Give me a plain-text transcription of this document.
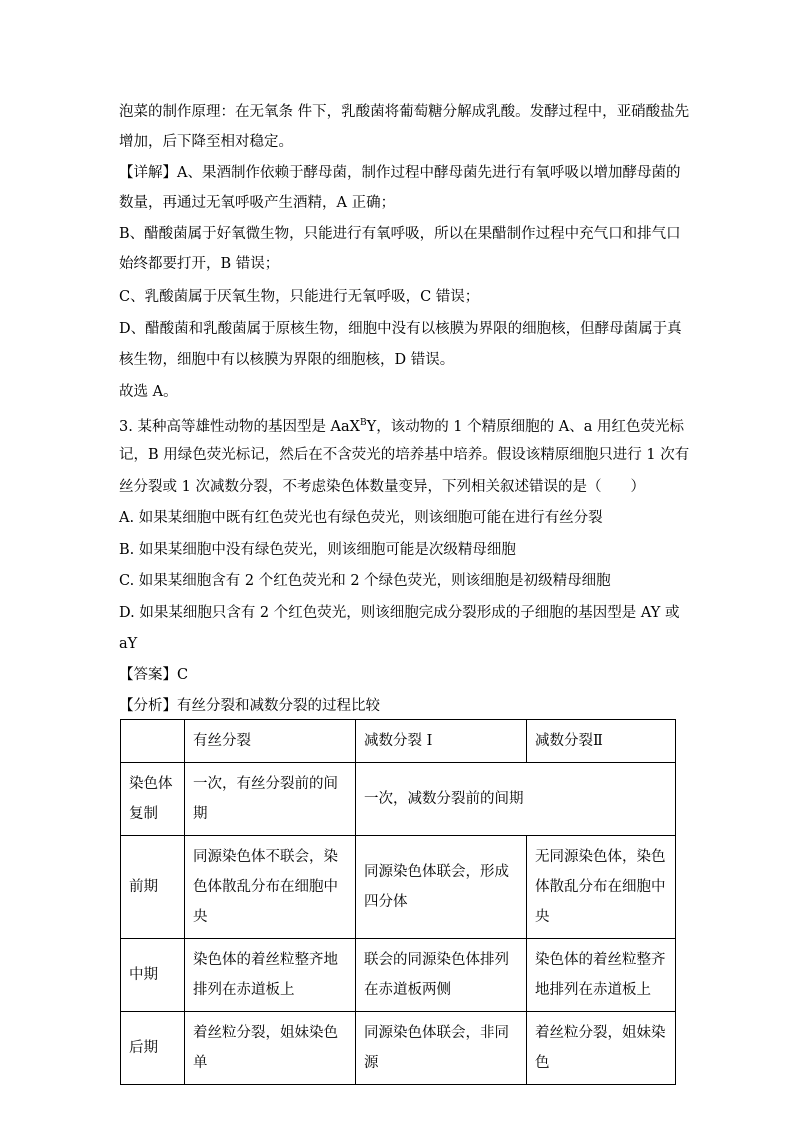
泡菜的制作原理：在无氧条 件下，乳酸菌将葡萄糖分解成乳酸。发酵过程中，亚硝酸盐先
增加，后下降至相对稳定。
【详解】A、果酒制作依赖于酵母菌，制作过程中酵母菌先进行有氧呼吸以增加酵母菌的
数量，再通过无氧呼吸产生酒精，A 正确；
B、醋酸菌属于好氧微生物，只能进行有氧呼吸，所以在果醋制作过程中充气口和排气口
始终都要打开，B 错误；
C、乳酸菌属于厌氧生物，只能进行无氧呼吸，C 错误；
D、醋酸菌和乳酸菌属于原核生物，细胞中没有以核膜为界限的细胞核，但酵母菌属于真
核生物，细胞中有以核膜为界限的细胞核，D 错误。
故选 A。
3. 某种高等雄性动物的基因型是 AaX$^B$Y，该动物的 1 个精原细胞的 A、a 用红色荧光标
记，B 用绿色荧光标记，然后在不含荧光的培养基中培养。假设该精原细胞只进行 1 次有
丝分裂或 1 次减数分裂，不考虑染色体数量变异，下列相关叙述错误的是（　　）
A. 如果某细胞中既有红色荧光也有绿色荧光，则该细胞可能在进行有丝分裂
B. 如果某细胞中没有绿色荧光，则该细胞可能是次级精母细胞
C. 如果某细胞含有 2 个红色荧光和 2 个绿色荧光，则该细胞是初级精母细胞
D. 如果某细胞只含有 2 个红色荧光，则该细胞完成分裂形成的子细胞的基因型是 AY 或
aY
【答案】C
【分析】有丝分裂和减数分裂的过程比较
	有丝分裂	减数分裂 I	减数分裂Ⅱ
染色体复制	一次，有丝分裂前的间期	一次，减数分裂前的间期	
前期	同源染色体不联会，染色体散乱分布在细胞中央	同源染色体联会，形成四分体	无同源染色体，染色体散乱分布在细胞中央
中期	染色体的着丝粒整齐地排列在赤道板上	联会的同源染色体排列在赤道板两侧	染色体的着丝粒整齐地排列在赤道板上
后期	着丝粒分裂，姐妹染色单	同源染色体联会，非同源	着丝粒分裂，姐妹染色
